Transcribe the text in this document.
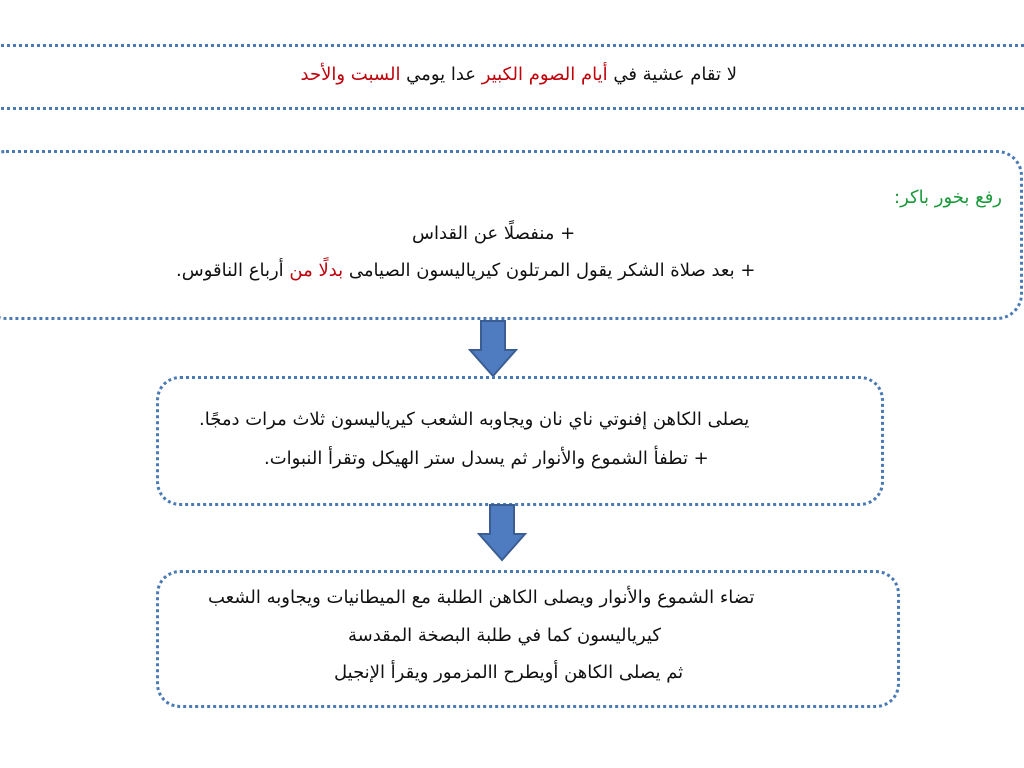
لا تقام عشية في أيام الصوم الكبير عدا يومي السبت والأحد
رفع بخور باكر:
+ منفصلًا عن القداس
+ بعد صلاة الشكر يقول المرتلون كيرياليسون الصيامى بدلًا من أرباع الناقوس.
يصلى الكاهن إفنوتي ناي نان ويجاوبه الشعب كيرياليسون ثلاث مرات دمجًا.
+ تطفأ الشموع والأنوار ثم يسدل ستر الهيكل وتقرأ النبوات.
تضاء الشموع والأنوار ويصلى الكاهن الطلبة مع الميطانيات ويجاوبه الشعب
كيرياليسون كما في طلبة البصخة المقدسة
ثم يصلى الكاهن أويطرح االمزمور ويقرأ الإنجيل
